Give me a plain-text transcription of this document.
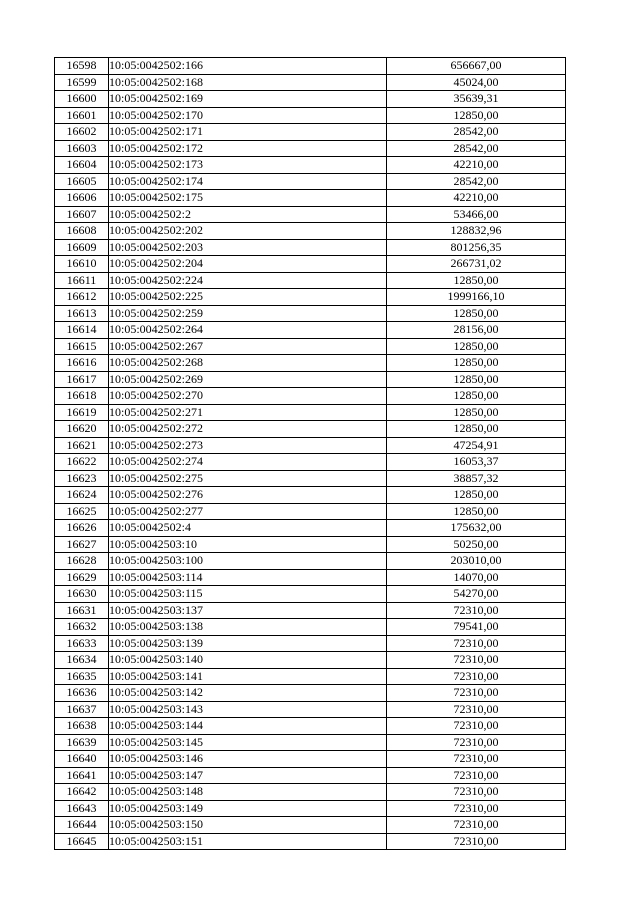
16598	10:05:0042502:166	656667,00
16599	10:05:0042502:168	45024,00
16600	10:05:0042502:169	35639,31
16601	10:05:0042502:170	12850,00
16602	10:05:0042502:171	28542,00
16603	10:05:0042502:172	28542,00
16604	10:05:0042502:173	42210,00
16605	10:05:0042502:174	28542,00
16606	10:05:0042502:175	42210,00
16607	10:05:0042502:2	53466,00
16608	10:05:0042502:202	128832,96
16609	10:05:0042502:203	801256,35
16610	10:05:0042502:204	266731,02
16611	10:05:0042502:224	12850,00
16612	10:05:0042502:225	1999166,10
16613	10:05:0042502:259	12850,00
16614	10:05:0042502:264	28156,00
16615	10:05:0042502:267	12850,00
16616	10:05:0042502:268	12850,00
16617	10:05:0042502:269	12850,00
16618	10:05:0042502:270	12850,00
16619	10:05:0042502:271	12850,00
16620	10:05:0042502:272	12850,00
16621	10:05:0042502:273	47254,91
16622	10:05:0042502:274	16053,37
16623	10:05:0042502:275	38857,32
16624	10:05:0042502:276	12850,00
16625	10:05:0042502:277	12850,00
16626	10:05:0042502:4	175632,00
16627	10:05:0042503:10	50250,00
16628	10:05:0042503:100	203010,00
16629	10:05:0042503:114	14070,00
16630	10:05:0042503:115	54270,00
16631	10:05:0042503:137	72310,00
16632	10:05:0042503:138	79541,00
16633	10:05:0042503:139	72310,00
16634	10:05:0042503:140	72310,00
16635	10:05:0042503:141	72310,00
16636	10:05:0042503:142	72310,00
16637	10:05:0042503:143	72310,00
16638	10:05:0042503:144	72310,00
16639	10:05:0042503:145	72310,00
16640	10:05:0042503:146	72310,00
16641	10:05:0042503:147	72310,00
16642	10:05:0042503:148	72310,00
16643	10:05:0042503:149	72310,00
16644	10:05:0042503:150	72310,00
16645	10:05:0042503:151	72310,00
